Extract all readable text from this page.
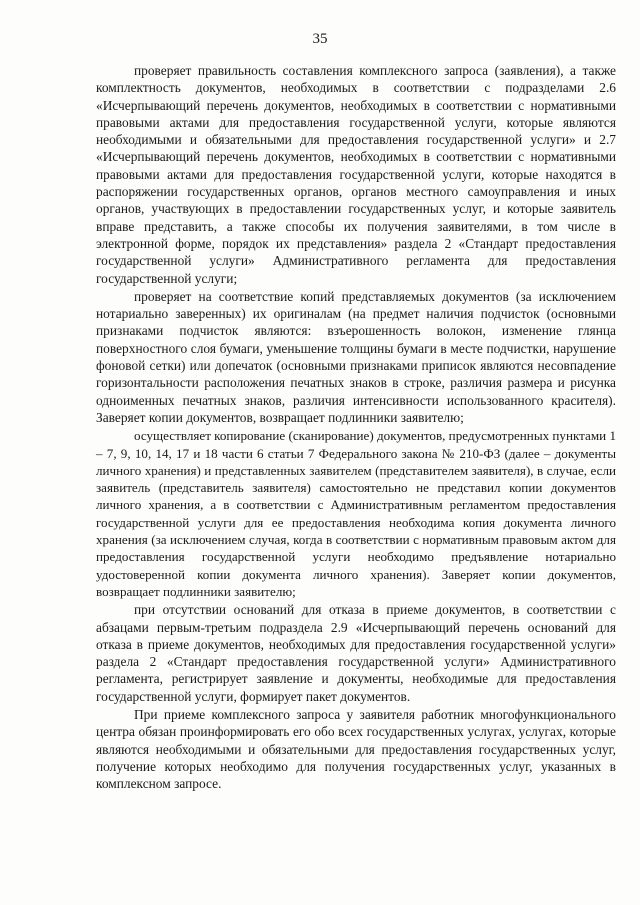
35

проверяет правильность составления комплексного запроса (заявления), а также комплектность документов, необходимых в соответствии с подразделами 2.6 «Исчерпывающий перечень документов, необходимых в соответствии с нормативными правовыми актами для предоставления государственной услуги, которые являются необходимыми и обязательными для предоставления государственной услуги» и 2.7 «Исчерпывающий перечень документов, необходимых в соответствии с нормативными правовыми актами для предоставления государственной услуги, которые находятся в распоряжении государственных органов, органов местного самоуправления и иных органов, участвующих в предоставлении государственных услуг, и которые заявитель вправе представить, а также способы их получения заявителями, в том числе в электронной форме, порядок их представления» раздела 2 «Стандарт предоставления государственной услуги» Административного регламента для предоставления государственной услуги;

проверяет на соответствие копий представляемых документов (за исключением нотариально заверенных) их оригиналам (на предмет наличия подчисток (основными признаками подчисток являются: взъерошенность волокон, изменение глянца поверхностного слоя бумаги, уменьшение толщины бумаги в месте подчистки, нарушение фоновой сетки) или допечаток (основными признаками приписок являются несовпадение горизонтальности расположения печатных знаков в строке, различия размера и рисунка одноименных печатных знаков, различия интенсивности использованного красителя). Заверяет копии документов, возвращает подлинники заявителю;

осуществляет копирование (сканирование) документов, предусмотренных пунктами 1 – 7, 9, 10, 14, 17 и 18 части 6 статьи 7 Федерального закона № 210-ФЗ (далее – документы личного хранения) и представленных заявителем (представителем заявителя), в случае, если заявитель (представитель заявителя) самостоятельно не представил копии документов личного хранения, а в соответствии с Административным регламентом предоставления государственной услуги для ее предоставления необходима копия документа личного хранения (за исключением случая, когда в соответствии с нормативным правовым актом для предоставления государственной услуги необходимо предъявление нотариально удостоверенной копии документа личного хранения). Заверяет копии документов, возвращает подлинники заявителю;

при отсутствии оснований для отказа в приеме документов, в соответствии с абзацами первым-третьим подраздела 2.9 «Исчерпывающий перечень оснований для отказа в приеме документов, необходимых для предоставления государственной услуги» раздела 2 «Стандарт предоставления государственной услуги» Административного регламента, регистрирует заявление и документы, необходимые для предоставления государственной услуги, формирует пакет документов.

При приеме комплексного запроса у заявителя работник многофункционального центра обязан проинформировать его обо всех государственных услугах, услугах, которые являются необходимыми и обязательными для предоставления государственных услуг, получение которых необходимо для получения государственных услуг, указанных в комплексном запросе.
